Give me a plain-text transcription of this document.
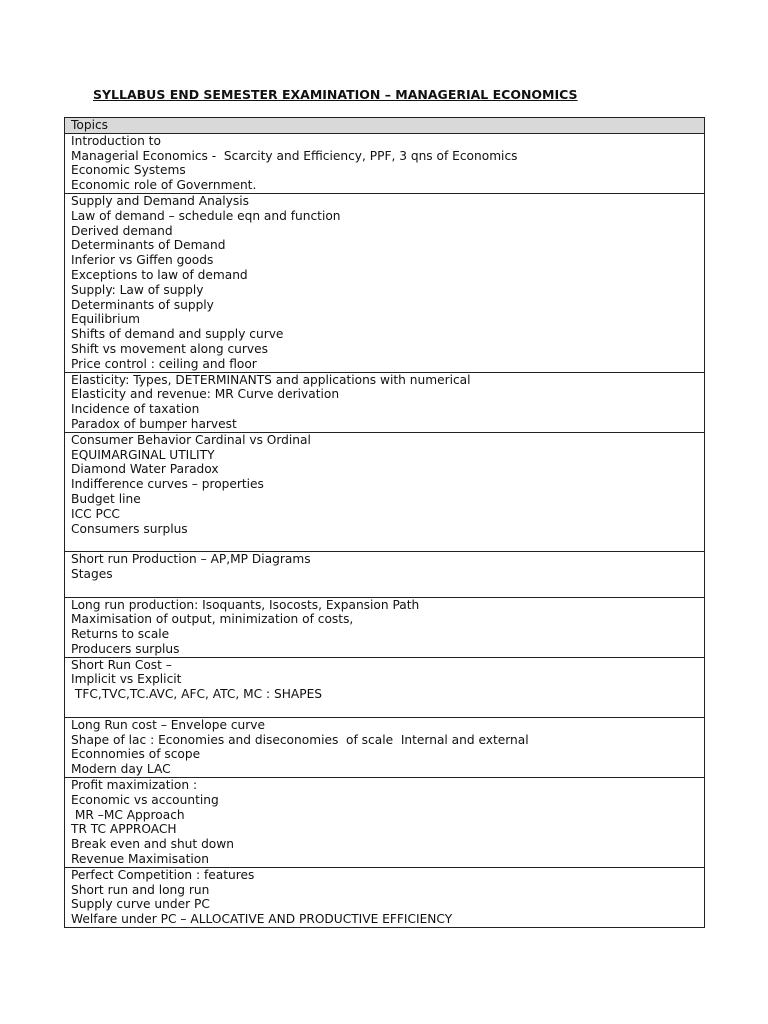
SYLLABUS END SEMESTER EXAMINATION – MANAGERIAL ECONOMICS
Topics

Introduction to
Managerial Economics -  Scarcity and Efficiency, PPF, 3 qns of Economics
Economic Systems
Economic role of Government.

Supply and Demand Analysis
Law of demand – schedule eqn and function
Derived demand
Determinants of Demand
Inferior vs Giffen goods
Exceptions to law of demand
Supply: Law of supply
Determinants of supply
Equilibrium
Shifts of demand and supply curve
Shift vs movement along curves
Price control : ceiling and floor

Elasticity: Types, DETERMINANTS and applications with numerical
Elasticity and revenue: MR Curve derivation
Incidence of taxation
Paradox of bumper harvest

Consumer Behavior Cardinal vs Ordinal
EQUIMARGINAL UTILITY
Diamond Water Paradox
Indifference curves – properties
Budget line
ICC PCC
Consumers surplus

Short run Production – AP,MP Diagrams
Stages

Long run production: Isoquants, Isocosts, Expansion Path
Maximisation of output, minimization of costs,
Returns to scale
Producers surplus

Short Run Cost –
Implicit vs Explicit
TFC,TVC,TC.AVC, AFC, ATC, MC : SHAPES

Long Run cost – Envelope curve
Shape of lac : Economies and diseconomies  of scale  Internal and external
Econnomies of scope
Modern day LAC

Profit maximization :
Economic vs accounting
MR –MC Approach
TR TC APPROACH
Break even and shut down
Revenue Maximisation

Perfect Competition : features
Short run and long run
Supply curve under PC
Welfare under PC – ALLOCATIVE AND PRODUCTIVE EFFICIENCY
